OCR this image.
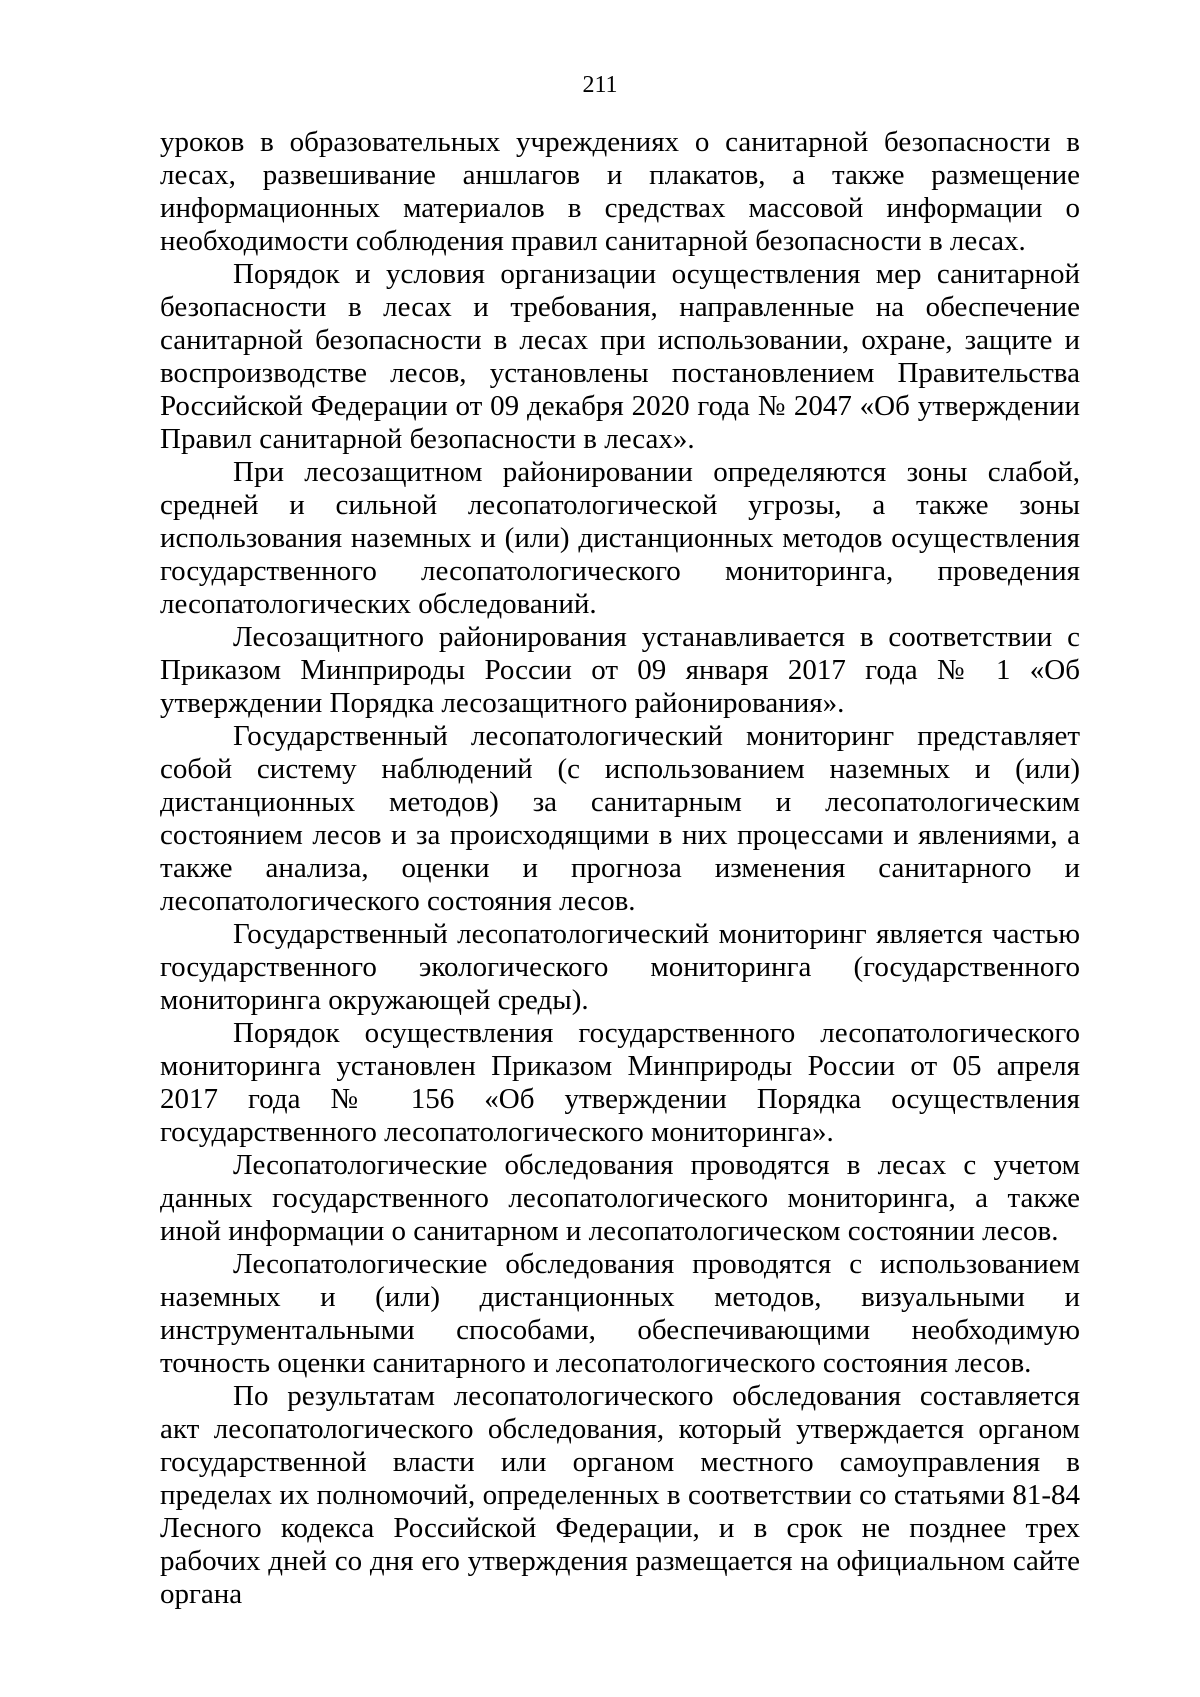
211

уроков в образовательных учреждениях о санитарной безопасности в лесах, развешивание аншлагов и плакатов, а также размещение информационных материалов в средствах массовой информации о необходимости соблюдения правил санитарной безопасности в лесах.

Порядок и условия организации осуществления мер санитарной безопасности в лесах и требования, направленные на обеспечение санитарной безопасности в лесах при использовании, охране, защите и воспроизводстве лесов, установлены постановлением Правительства Российской Федерации от 09 декабря 2020 года № 2047 «Об утверждении Правил санитарной безопасности в лесах».

При лесозащитном районировании определяются зоны слабой, средней и сильной лесопатологической угрозы, а также зоны использования наземных и (или) дистанционных методов осуществления государственного лесопатологического мониторинга, проведения лесопатологических обследований.

Лесозащитного районирования устанавливается в соответствии с Приказом Минприроды России от 09 января 2017 года № 1 «Об утверждении Порядка лесозащитного районирования».

Государственный лесопатологический мониторинг представляет собой систему наблюдений (с использованием наземных и (или) дистанционных методов) за санитарным и лесопатологическим состоянием лесов и за происходящими в них процессами и явлениями, а также анализа, оценки и прогноза изменения санитарного и лесопатологического состояния лесов.

Государственный лесопатологический мониторинг является частью государственного экологического мониторинга (государственного мониторинга окружающей среды).

Порядок осуществления государственного лесопатологического мониторинга установлен Приказом Минприроды России от 05 апреля 2017 года № 156 «Об утверждении Порядка осуществления государственного лесопатологического мониторинга».

Лесопатологические обследования проводятся в лесах с учетом данных государственного лесопатологического мониторинга, а также иной информации о санитарном и лесопатологическом состоянии лесов.

Лесопатологические обследования проводятся с использованием наземных и (или) дистанционных методов, визуальными и инструментальными способами, обеспечивающими необходимую точность оценки санитарного и лесопатологического состояния лесов.

По результатам лесопатологического обследования составляется акт лесопатологического обследования, который утверждается органом государственной власти или органом местного самоуправления в пределах их полномочий, определенных в соответствии со статьями 81-84 Лесного кодекса Российской Федерации, и в срок не позднее трех рабочих дней со дня его утверждения размещается на официальном сайте органа
